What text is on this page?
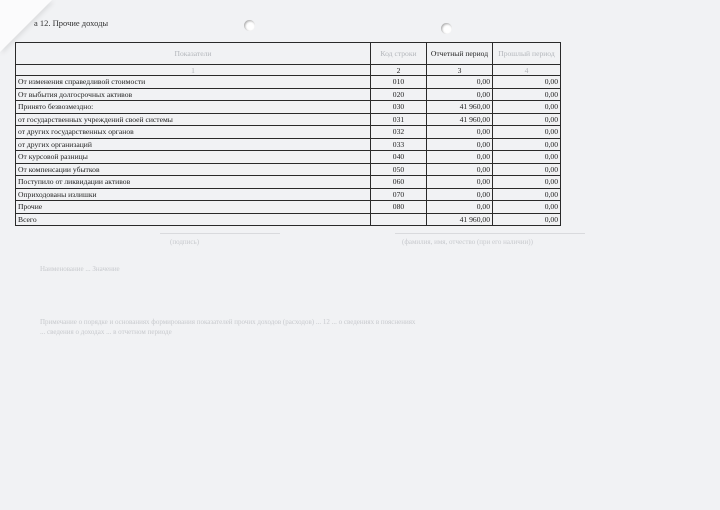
а 12. Прочие доходы
(подпись)	(фамилия, имя, отчество (при его наличии))
Наименование ... Значение
Примечание о порядке и основаниях формирования показателей прочих доходов (расходов) ... 12 ... о сведениях в пояснениях
... сведения о доходах ... в отчетном периоде
Показатели	Код строки	Отчетный период	Прошлый период
1	2	3	4
От изменения справедливой стоимости	010	0,00	0,00
От выбытия долгосрочных активов	020	0,00	0,00
Принято безвозмездно:	030	41 960,00	0,00
от государственных учреждений своей системы	031	41 960,00	0,00
от других государственных органов	032	0,00	0,00
от других организаций	033	0,00	0,00
От курсовой разницы	040	0,00	0,00
От компенсации убытков	050	0,00	0,00
Поступило от ликвидации активов	060	0,00	0,00
Оприходованы излишки	070	0,00	0,00
Прочие	080	0,00	0,00
Всего		41 960,00	0,00
